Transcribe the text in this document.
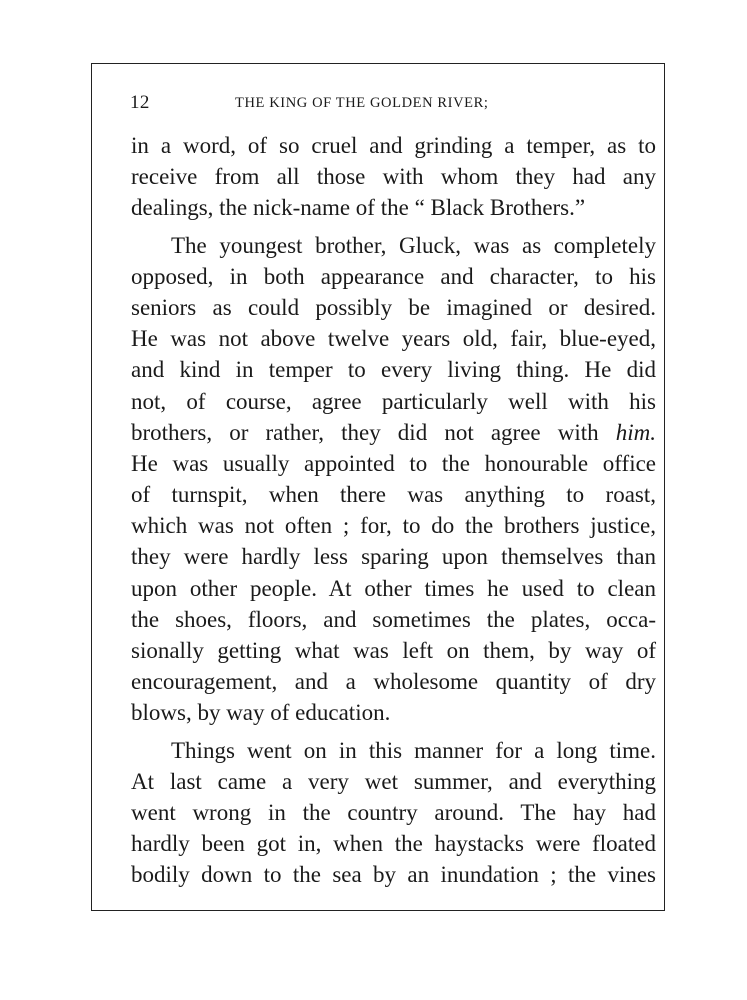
12	THE KING OF THE GOLDEN RIVER;
in a word, of so cruel and grinding a temper, as to
receive from all those with whom they had any
dealings, the nick-name of the “ Black Brothers.”
The youngest brother, Gluck, was as completely
opposed, in both appearance and character, to his
seniors as could possibly be imagined or desired.
He was not above twelve years old, fair, blue-eyed,
and kind in temper to every living thing. He did
not, of course, agree particularly well with his
brothers, or rather, they did not agree with him.
He was usually appointed to the honourable office
of turnspit, when there was anything to roast,
which was not often ; for, to do the brothers justice,
they were hardly less sparing upon themselves than
upon other people. At other times he used to clean
the shoes, floors, and sometimes the plates, occa-
sionally getting what was left on them, by way of
encouragement, and a wholesome quantity of dry
blows, by way of education.
Things went on in this manner for a long time.
At last came a very wet summer, and everything
went wrong in the country around. The hay had
hardly been got in, when the haystacks were floated
bodily down to the sea by an inundation ; the vines
